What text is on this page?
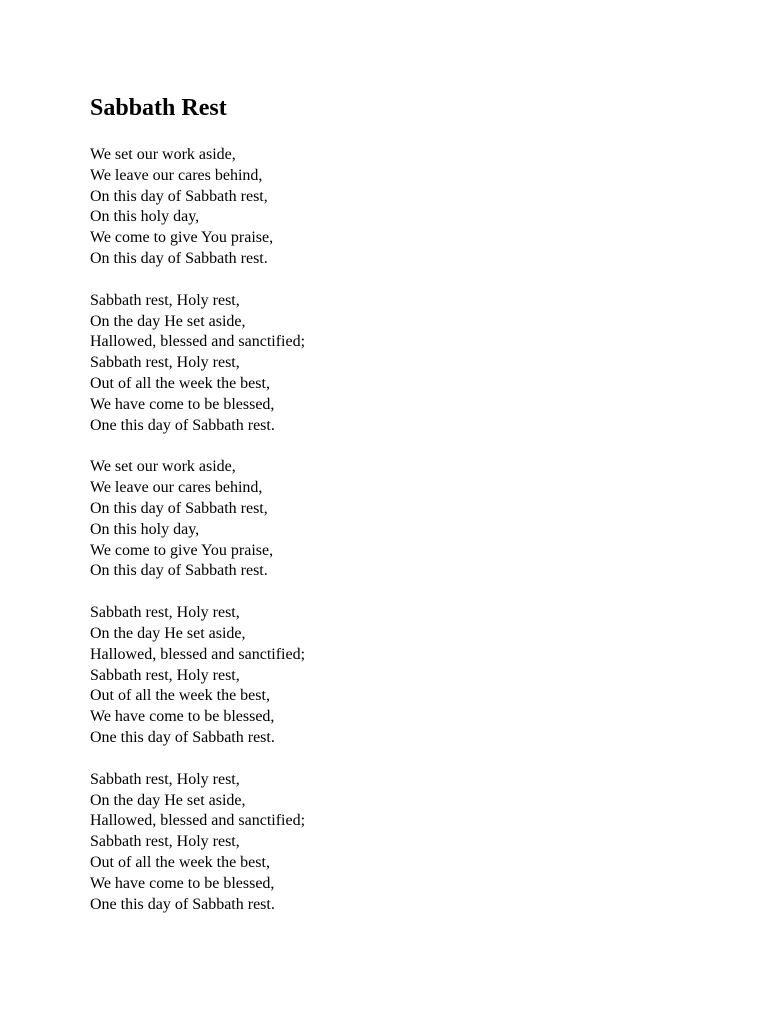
Sabbath Rest
We set our work aside,
We leave our cares behind,
On this day of Sabbath rest,
On this holy day,
We come to give You praise,
On this day of Sabbath rest.
Sabbath rest, Holy rest,
On the day He set aside,
Hallowed, blessed and sanctified;
Sabbath rest, Holy rest,
Out of all the week the best,
We have come to be blessed,
One this day of Sabbath rest.
We set our work aside,
We leave our cares behind,
On this day of Sabbath rest,
On this holy day,
We come to give You praise,
On this day of Sabbath rest.
Sabbath rest, Holy rest,
On the day He set aside,
Hallowed, blessed and sanctified;
Sabbath rest, Holy rest,
Out of all the week the best,
We have come to be blessed,
One this day of Sabbath rest.
Sabbath rest, Holy rest,
On the day He set aside,
Hallowed, blessed and sanctified;
Sabbath rest, Holy rest,
Out of all the week the best,
We have come to be blessed,
One this day of Sabbath rest.
